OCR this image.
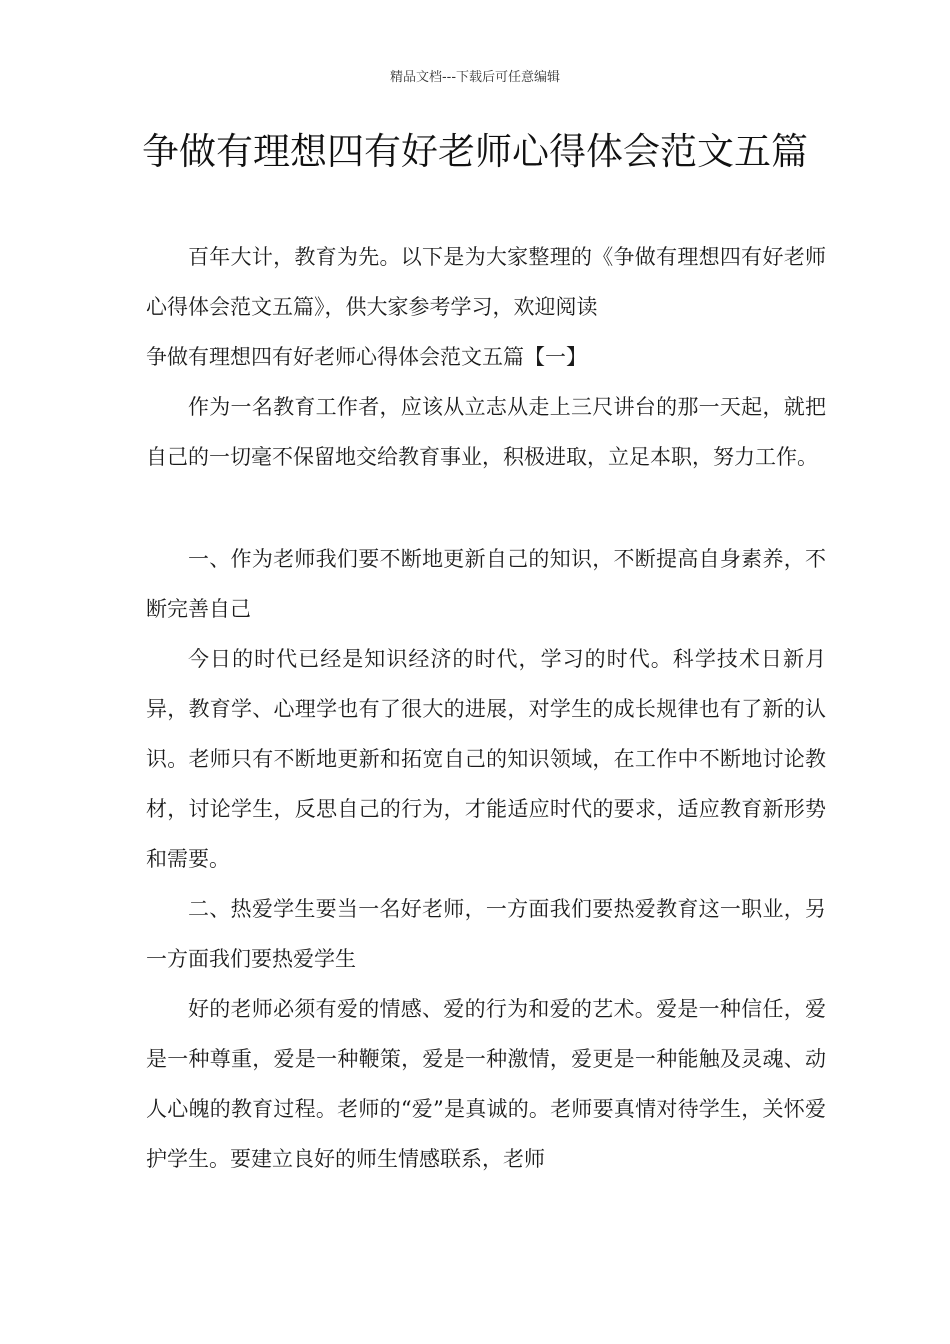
精品文档---下载后可任意编辑
争做有理想四有好老师心得体会范文五篇

百年大计，教育为先。以下是为大家整理的《争做有理想四有好老师心得体会范文五篇》，供大家参考学习，欢迎阅读

争做有理想四有好老师心得体会范文五篇【一】

作为一名教育工作者，应该从立志从走上三尺讲台的那一天起，就把自己的一切毫不保留地交给教育事业，积极进取，立足本职，努力工作。

一、作为老师我们要不断地更新自己的知识，不断提高自身素养，不断完善自己

今日的时代已经是知识经济的时代，学习的时代。科学技术日新月异，教育学、心理学也有了很大的进展，对学生的成长规律也有了新的认识。老师只有不断地更新和拓宽自己的知识领域，在工作中不断地讨论教材，讨论学生，反思自己的行为，才能适应时代的要求，适应教育新形势和需要。

二、热爱学生要当一名好老师，一方面我们要热爱教育这一职业，另一方面我们要热爱学生

好的老师必须有爱的情感、爱的行为和爱的艺术。爱是一种信任，爱是一种尊重，爱是一种鞭策，爱是一种激情，爱更是一种能触及灵魂、动人心魄的教育过程。老师的“爱”是真诚的。老师要真情对待学生，关怀爱护学生。要建立良好的师生情感联系，老师
